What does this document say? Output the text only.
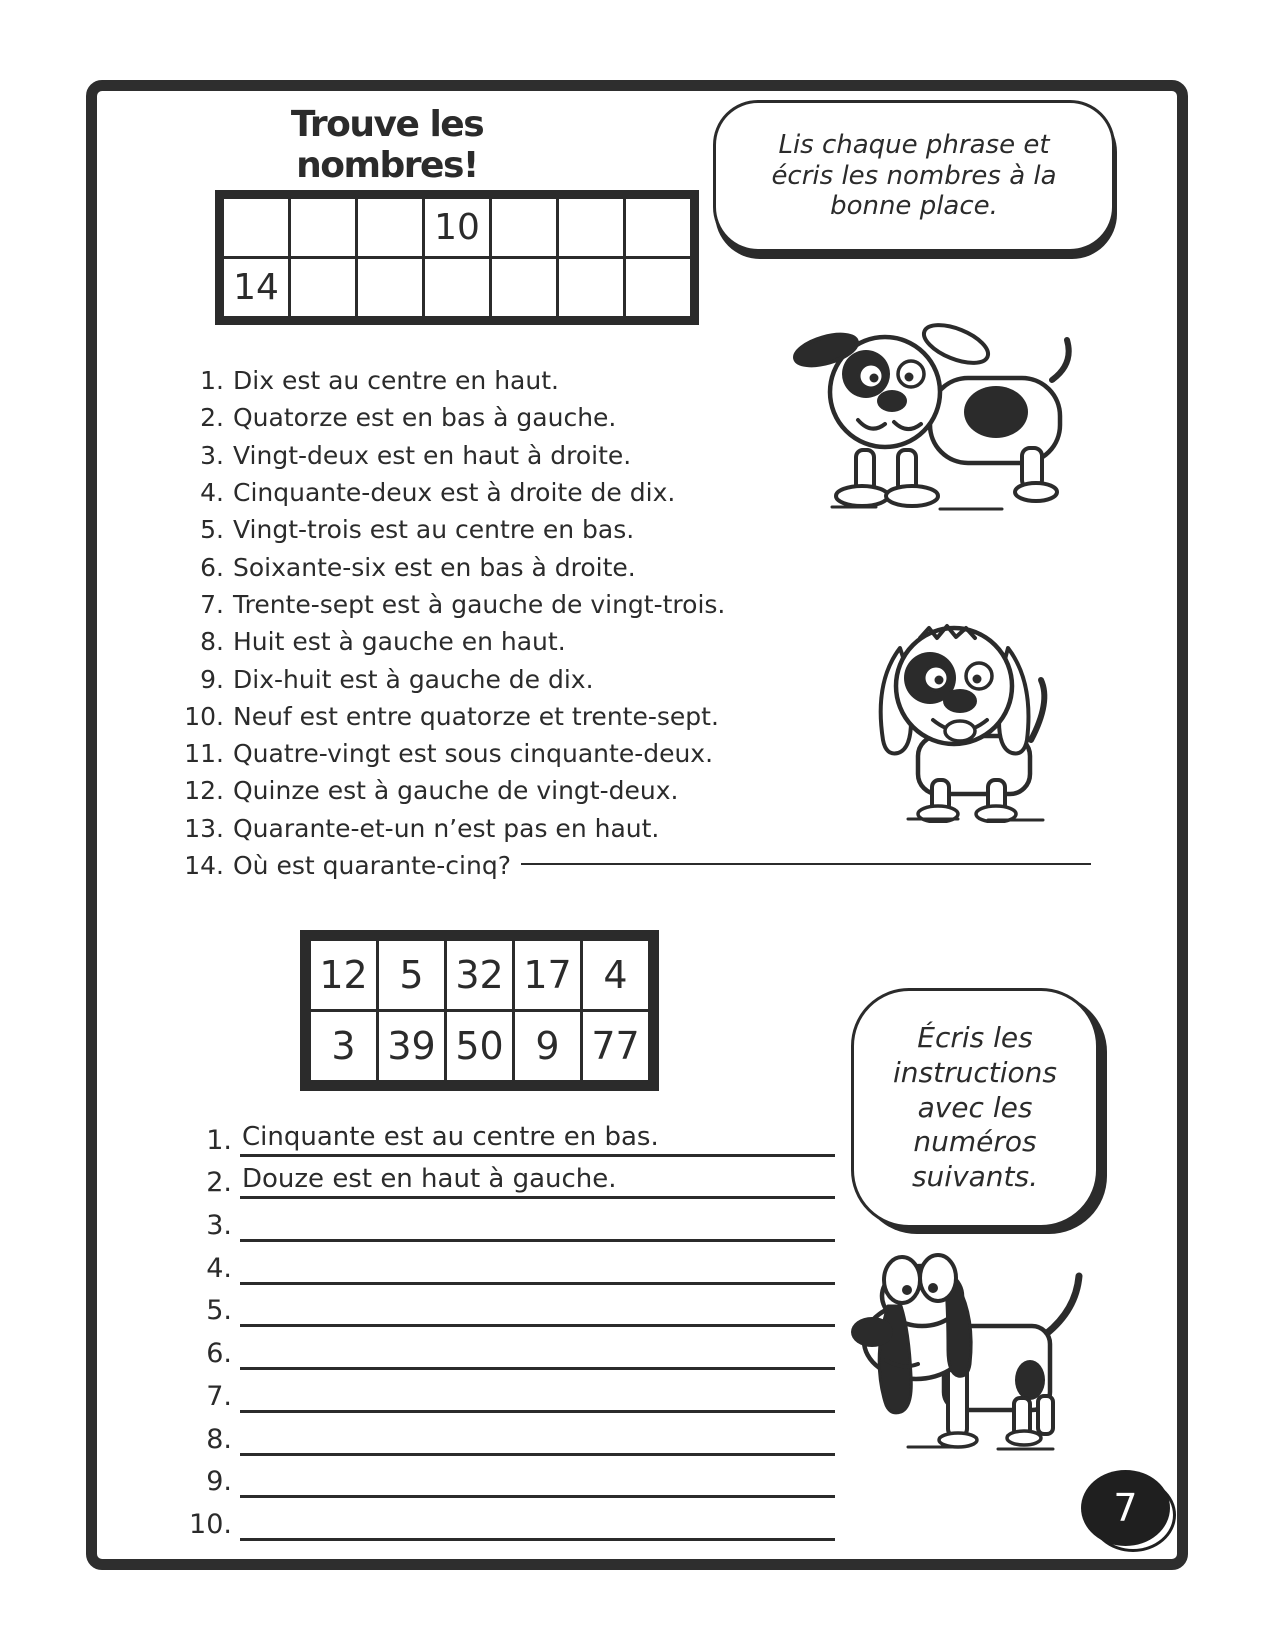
Trouve les nombres!	Lis chaque phrase et
écris les nombres à la
bonne place.
			10			
14						
1. Dix est au centre en haut.
2. Quatorze est en bas à gauche.
3. Vingt-deux est en haut à droite.
4. Cinquante-deux est à droite de dix.
5. Vingt-trois est au centre en bas.
6. Soixante-six est en bas à droite.
7. Trente-sept est à gauche de vingt-trois.
8. Huit est à gauche en haut.
9. Dix-huit est à gauche de dix.
10. Neuf est entre quatorze et trente-sept.
11. Quatre-vingt est sous cinquante-deux.
12. Quinze est à gauche de vingt-deux.
13. Quarante-et-un n’est pas en haut.
14. Où est quarante-cinq?
12	5	32	17	4
3	39	50	9	77	Écris les
instructions
avec les
numéros
suivants.
1. Cinquante est au centre en bas.
2. Douze est en haut à gauche.
3.
4.
5.
6.
7.
8.
9.
10.	7
